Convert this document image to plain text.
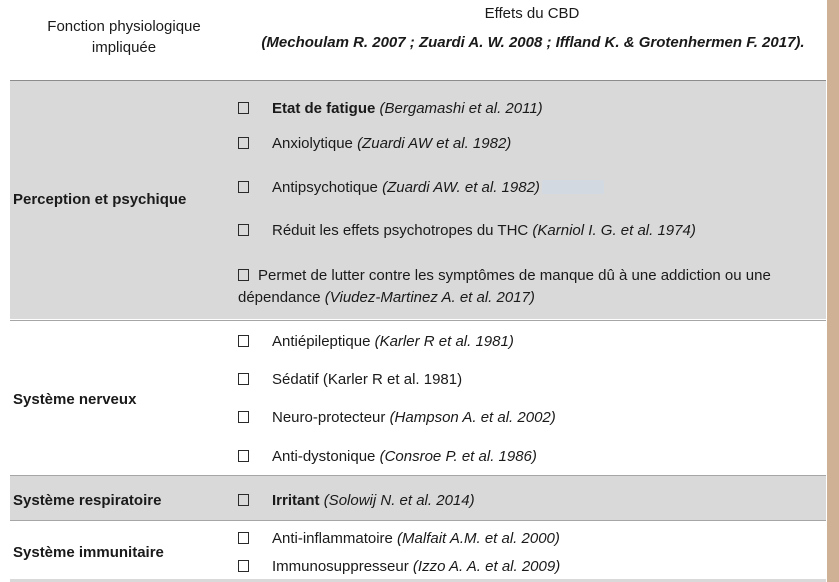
Fonction physiologique
impliquée
Effets du CBD
(Mechoulam R. 2007 ; Zuardi A. W. 2008 ; Iffland K. & Grotenhermen F. 2017).
Perception et psychique
Etat de fatigue (Bergamashi et al. 2011)
Anxiolytique (Zuardi AW et al. 1982)
Antipsychotique (Zuardi AW. et al. 1982)
Réduit les effets psychotropes du THC (Karniol I. G. et al. 1974)
Permet de lutter contre les symptômes de manque dû à une addiction ou une dépendance (Viudez-Martinez A. et al. 2017)
Système nerveux
Antiépileptique (Karler R et al. 1981)
Sédatif (Karler R et al. 1981)
Neuro-protecteur (Hampson A. et al. 2002)
Anti-dystonique (Consroe P. et al. 1986)
Système respiratoire	Irritant (Solowij N. et al. 2014)
Système immunitaire
Anti-inflammatoire (Malfait A.M. et al. 2000)
Immunosuppresseur (Izzo A. A. et al. 2009)
